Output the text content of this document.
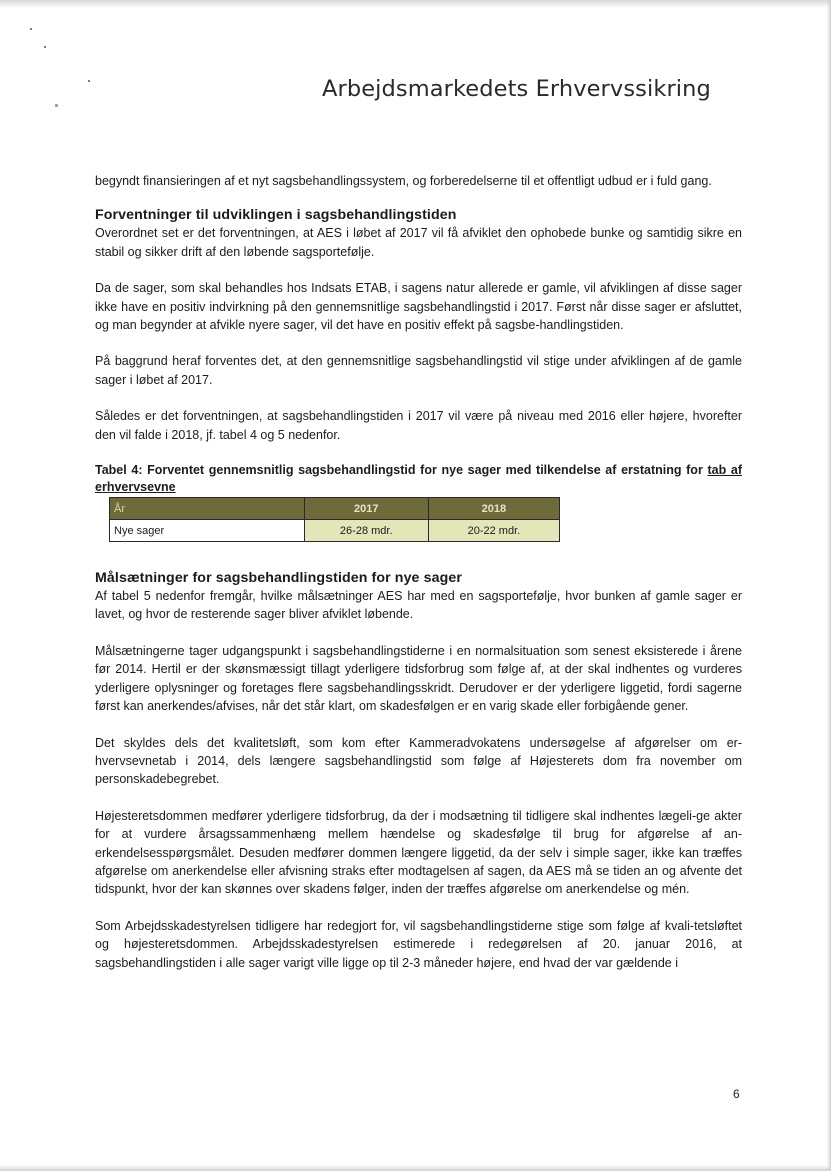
Arbejdsmarkedets Erhvervssikring

begyndt finansieringen af et nyt sagsbehandlingssystem, og forberedelserne til et offentligt udbud er i fuld gang.

Forventninger til udviklingen i sagsbehandlingstiden

Overordnet set er det forventningen, at AES i løbet af 2017 vil få afviklet den ophobede bunke og samtidig sikre en stabil og sikker drift af den løbende sagsportefølje.

Da de sager, som skal behandles hos Indsats ETAB, i sagens natur allerede er gamle, vil afviklingen af disse sager ikke have en positiv indvirkning på den gennemsnitlige sagsbehandlingstid i 2017. Først når disse sager er afsluttet, og man begynder at afvikle nyere sager, vil det have en positiv effekt på sagsbe-handlingstiden.

På baggrund heraf forventes det, at den gennemsnitlige sagsbehandlingstid vil stige under afviklingen af de gamle sager i løbet af 2017.

Således er det forventningen, at sagsbehandlingstiden i 2017 vil være på niveau med 2016 eller højere, hvorefter den vil falde i 2018, jf. tabel 4 og 5 nedenfor.

Tabel 4: Forventet gennemsnitlig sagsbehandlingstid for nye sager med tilkendelse af erstatning for tab af erhvervsevne

År	2017	2018
Nye sager	26-28 mdr.	20-22 mdr.
Målsætninger for sagsbehandlingstiden for nye sager

Af tabel 5 nedenfor fremgår, hvilke målsætninger AES har med en sagsportefølje, hvor bunken af gamle sager er lavet, og hvor de resterende sager bliver afviklet løbende.

Målsætningerne tager udgangspunkt i sagsbehandlingstiderne i en normalsituation som senest eksisterede i årene før 2014. Hertil er der skønsmæssigt tillagt yderligere tidsforbrug som følge af, at der skal indhentes og vurderes yderligere oplysninger og foretages flere sagsbehandlingsskridt. Derudover er der yderligere liggetid, fordi sagerne først kan anerkendes/afvises, når det står klart, om skadesfølgen er en varig skade eller forbigående gener.

Det skyldes dels det kvalitetsløft, som kom efter Kammeradvokatens undersøgelse af afgørelser om er-hvervsevnetab i 2014, dels længere sagsbehandlingstid som følge af Højesterets dom fra november om personskadebegrebet.

Højesteretsdommen medfører yderligere tidsforbrug, da der i modsætning til tidligere skal indhentes lægeli-ge akter for at vurdere årsagssammenhæng mellem hændelse og skadesfølge til brug for afgørelse af an-erkendelsesspørgsmålet. Desuden medfører dommen længere liggetid, da der selv i simple sager, ikke kan træffes afgørelse om anerkendelse eller afvisning straks efter modtagelsen af sagen, da AES må se tiden an og afvente det tidspunkt, hvor der kan skønnes over skadens følger, inden der træffes afgørelse om anerkendelse og mén.

Som Arbejdsskadestyrelsen tidligere har redegjort for, vil sagsbehandlingstiderne stige som følge af kvali-tetsløftet og højesteretsdommen. Arbejdsskadestyrelsen estimerede i redegørelsen af 20. januar 2016, at sagsbehandlingstiden i alle sager varigt ville ligge op til 2-3 måneder højere, end hvad der var gældende i

6
